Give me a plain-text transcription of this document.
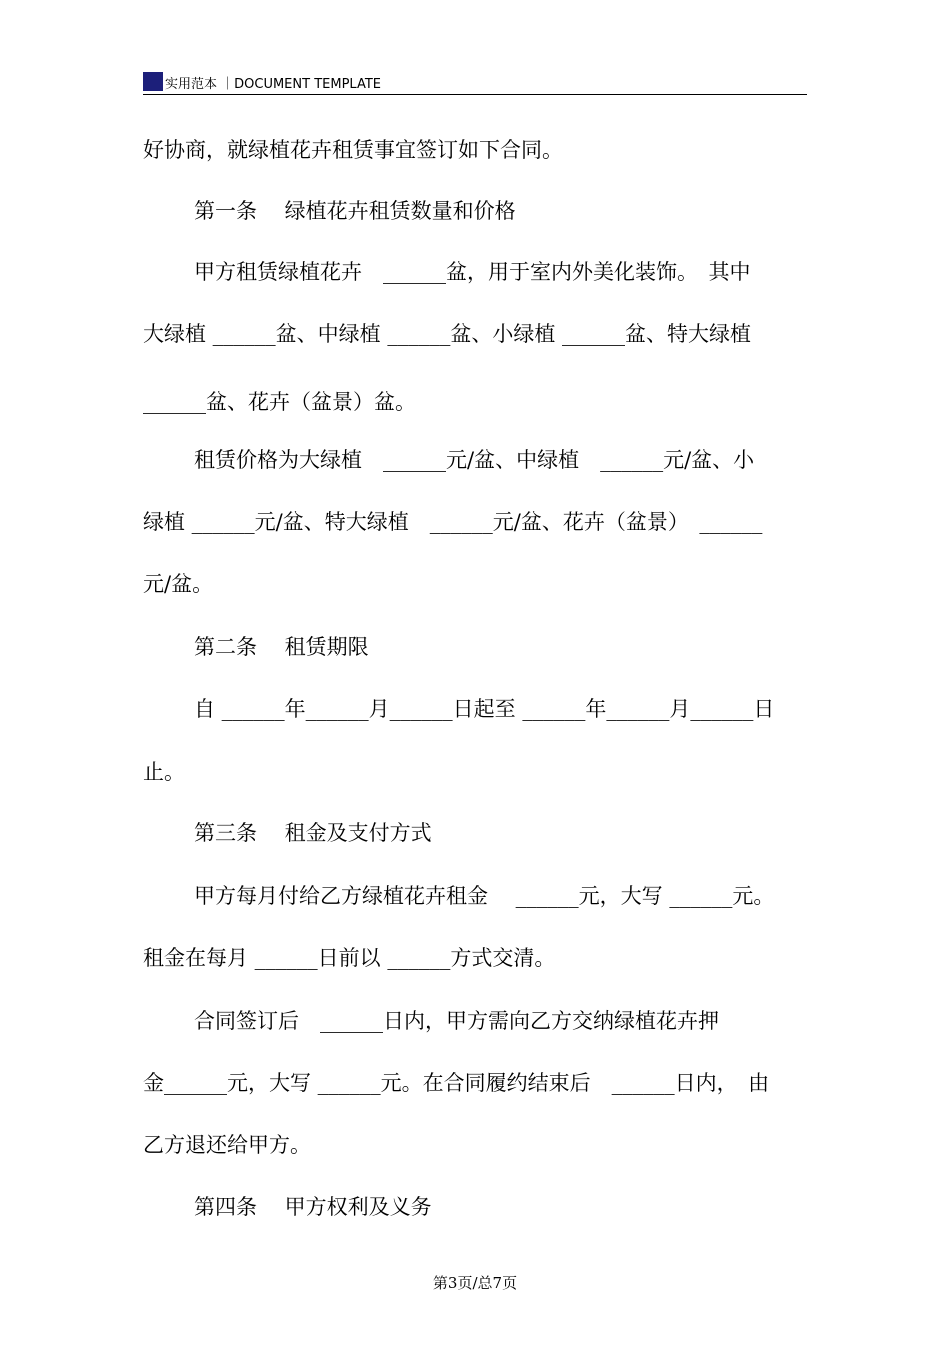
实用范本 ｜DOCUMENT TEMPLATE
好协商，就绿植花卉租赁事宜签订如下合同。
第一条　 绿植花卉租赁数量和价格
甲方租赁绿植花卉　______盆，用于室内外美化装饰。　其中
大绿植 ______盆、中绿植 ______盆、小绿植 ______盆、特大绿植
______盆、花卉（盆景）盆。
租赁价格为大绿植　______元/盆、中绿植　______元/盆、小
绿植 ______元/盆、特大绿植　______元/盆、花卉（盆景）　______
元/盆。
第二条　 租赁期限
自 ______年______月______日起至 ______年______月______日
止。
第三条　 租金及支付方式
甲方每月付给乙方绿植花卉租金　 ______元，大写 ______元。
租金在每月 ______日前以 ______方式交清。
合同签订后　______日内，甲方需向乙方交纳绿植花卉押
金______元，大写 ______元。在合同履约结束后　______日内，　由
乙方退还给甲方。
第四条　 甲方权利及义务
第3页/总7页
